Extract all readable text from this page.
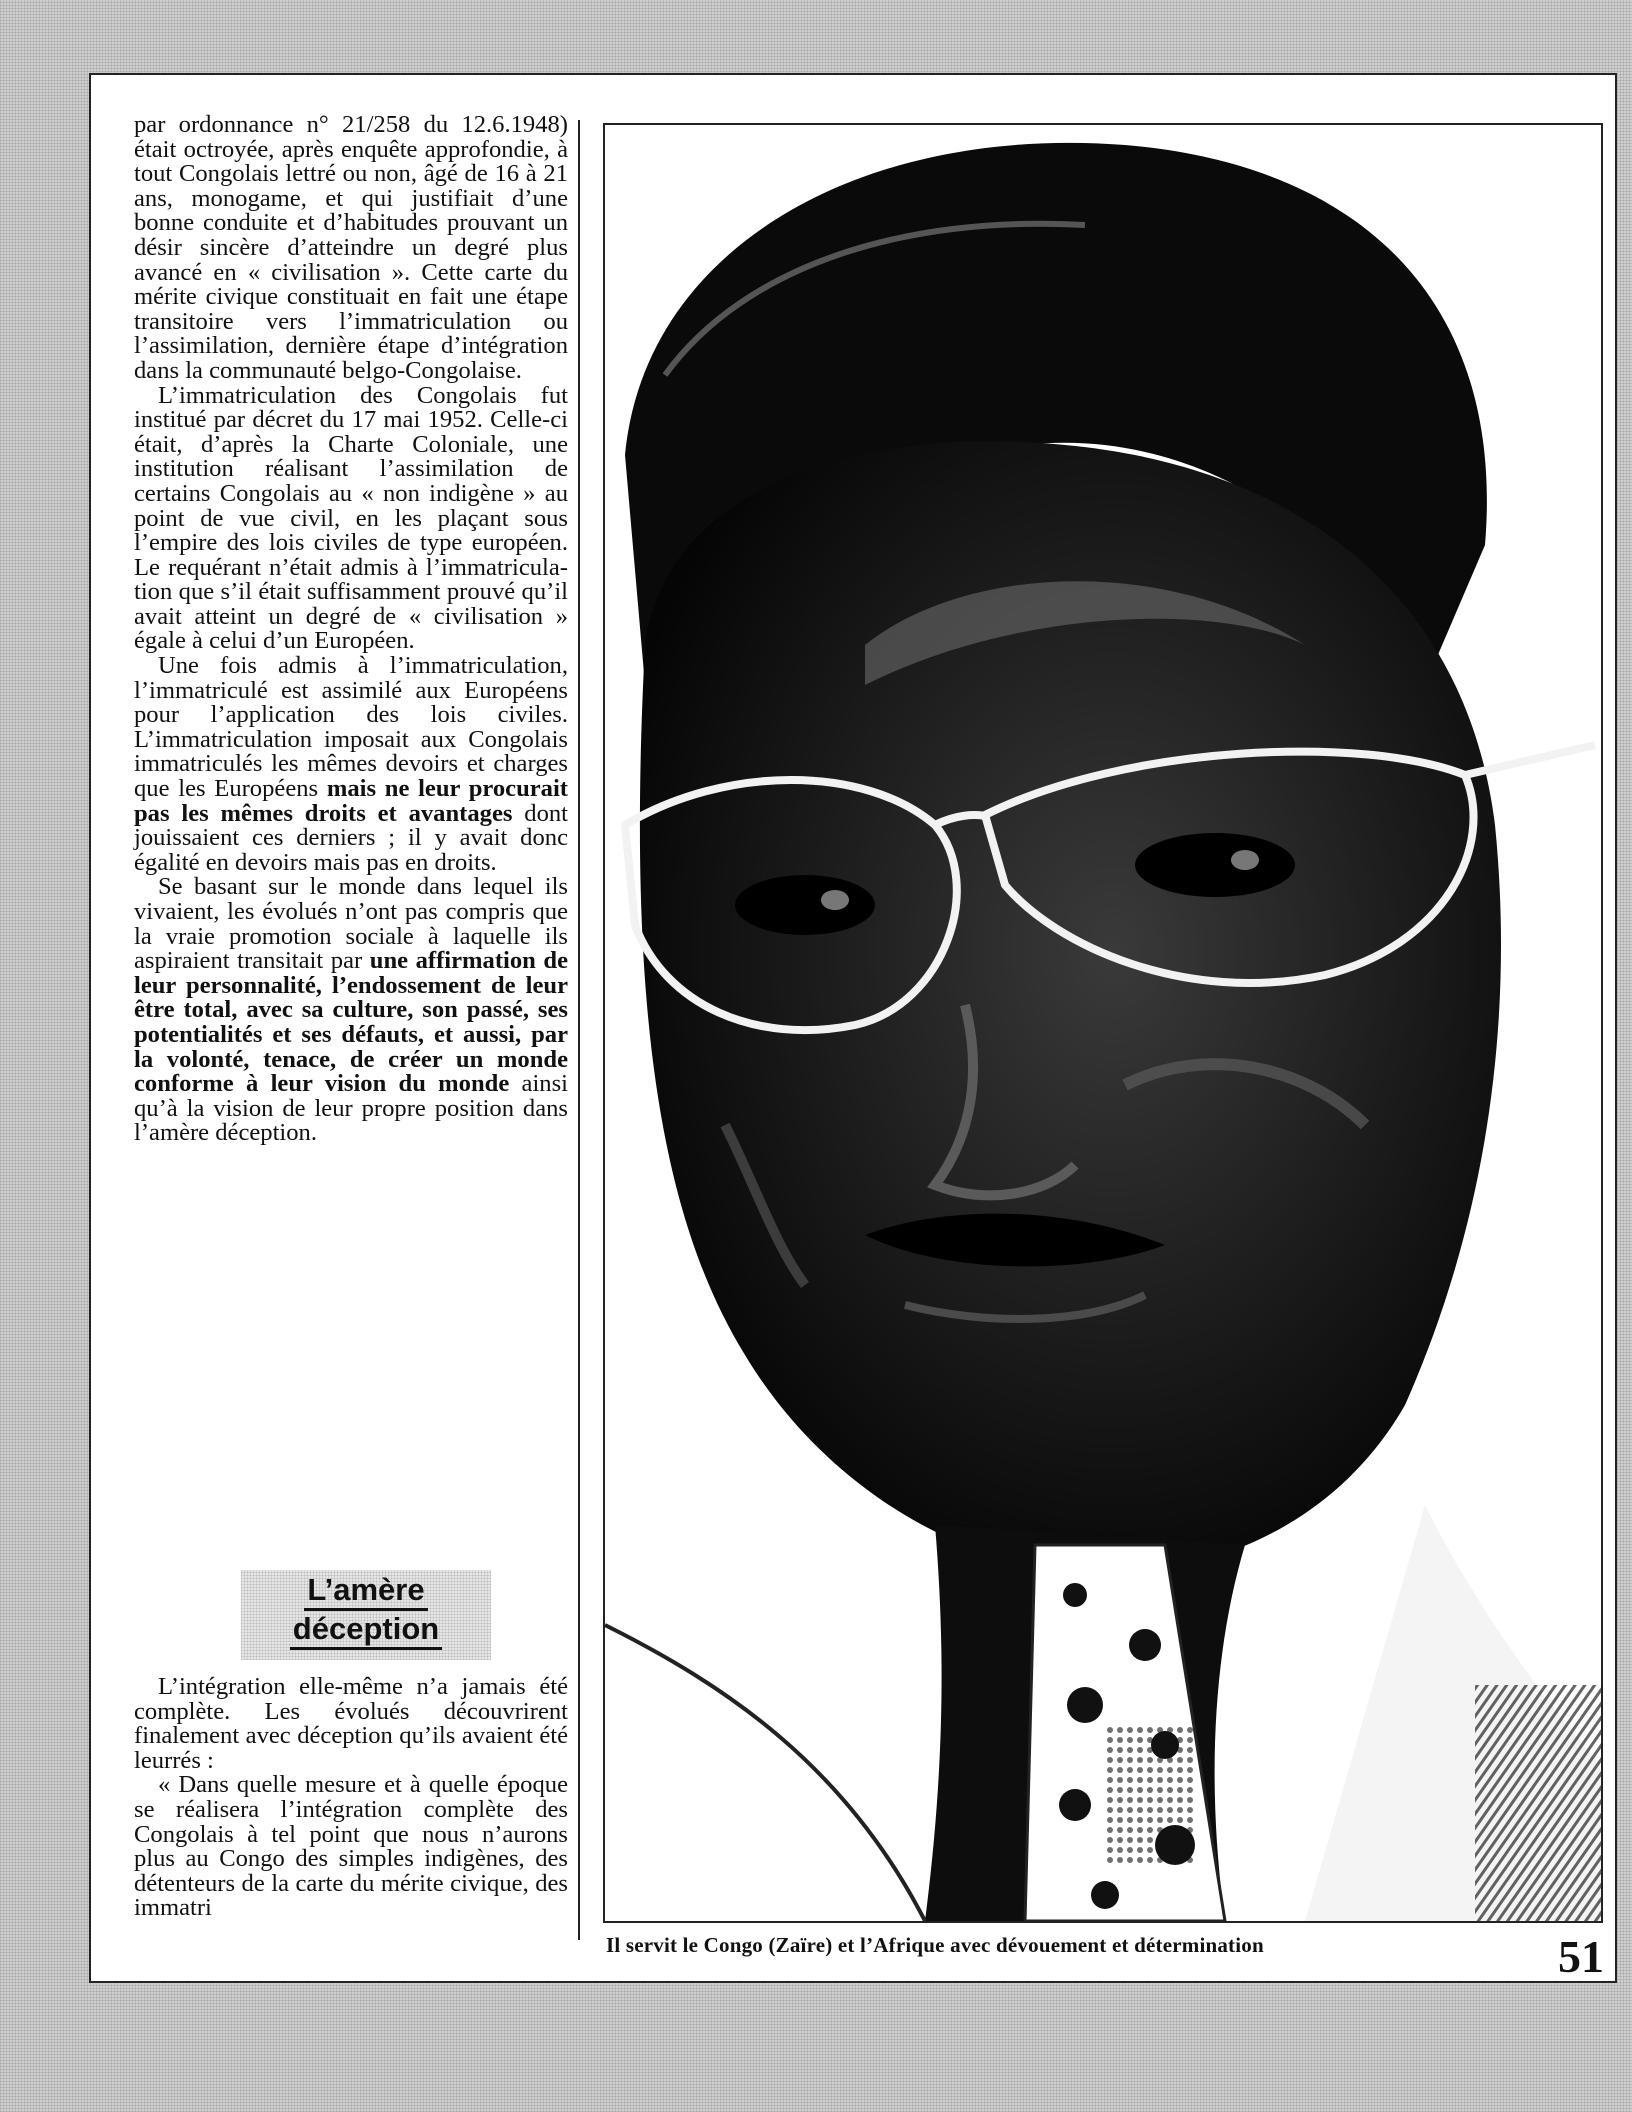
par ordonnance n° 21/258 du 12.6.1948) était octroyée, après enquête approfondie, à tout Congolais lettré ou non, âgé de 16 à 21 ans, monogame, et qui justifiait d’une bonne conduite et d’habitudes prouvant un désir sincère d’atteindre un degré plus avancé en « civilisation ». Cette carte du mérite civique constituait en fait une étape transitoire vers l’immatriculation ou l’assimilation, dernière étape d’intégration dans la communauté belgo-Congolaise.

L’immatriculation des Congolais fut institué par décret du 17 mai 1952. Celle-ci était, d’après la Charte Coloniale, une institution réalisant l’assimilation de certains Congolais au « non indigène » au point de vue civil, en les plaçant sous l’empire des lois civiles de type européen. Le requérant n’était admis à l’immatriculation que s’il était suffisamment prouvé qu’il avait atteint un degré de « civilisation » égale à celui d’un Européen.

Une fois admis à l’immatriculation, l’immatriculé est assimilé aux Européens pour l’application des lois civiles. L’immatriculation imposait aux Congolais immatriculés les mêmes devoirs et charges que les Européens mais ne leur procurait pas les mêmes droits et avantages dont jouissaient ces derniers ; il y avait donc égalité en devoirs mais pas en droits.

Se basant sur le monde dans lequel ils vivaient, les évolués n’ont pas compris que la vraie promotion sociale à laquelle ils aspiraient transitait par une affirmation de leur personnalité, l’endossement de leur être total, avec sa culture, son passé, ses potentialités et ses défauts, et aussi, par la volonté, tenace, de créer un monde conforme à leur vision du monde ainsi qu’à la vision de leur propre position dans l’amère déception.

L’amère
déception

L’intégration elle-même n’a jamais été complète. Les évolués découvrirent finalement avec déception qu’ils avaient été leurrés :

« Dans quelle mesure et à quelle époque se réalisera l’intégration complète des Congolais à tel point que nous n’aurons plus au Congo des simples indigènes, des détenteurs de la carte du mérite civique, des immatri

Il servit le Congo (Zaïre) et l’Afrique avec dévouement et détermination	51
